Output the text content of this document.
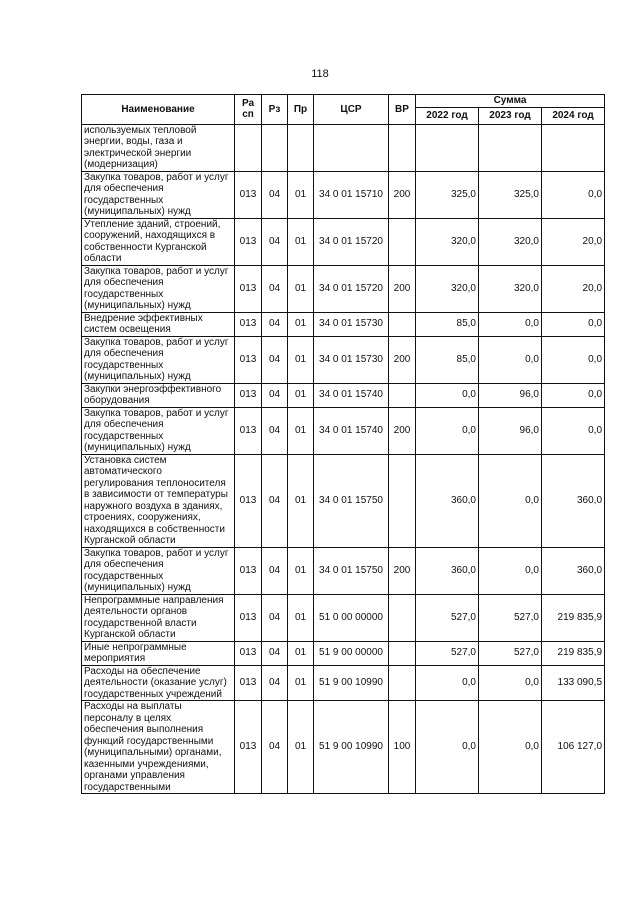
118
Наименование	Ра сп	Рз	Пр	ЦСР	ВР	Сумма		
						2022 год	2023 год	2024 год
используемых тепловой энергии, воды, газа и электрической энергии (модернизация)								
Закупка товаров, работ и услуг для обеспечения государственных (муниципальных) нужд	013	04	01	34 0 01 15710	200	325,0	325,0	0,0
Утепление зданий, строений, сооружений, находящихся в собственности Курганской области	013	04	01	34 0 01 15720		320,0	320,0	20,0
Закупка товаров, работ и услуг для обеспечения государственных (муниципальных) нужд	013	04	01	34 0 01 15720	200	320,0	320,0	20,0
Внедрение эффективных систем освещения	013	04	01	34 0 01 15730		85,0	0,0	0,0
Закупка товаров, работ и услуг для обеспечения государственных (муниципальных) нужд	013	04	01	34 0 01 15730	200	85,0	0,0	0,0
Закупки энергоэффективного оборудования	013	04	01	34 0 01 15740		0,0	96,0	0,0
Закупка товаров, работ и услуг для обеспечения государственных (муниципальных) нужд	013	04	01	34 0 01 15740	200	0,0	96,0	0,0
Установка систем автоматического регулирования теплоносителя в зависимости от температуры наружного воздуха в зданиях, строениях, сооружениях, находящихся в собственности Курганской области	013	04	01	34 0 01 15750		360,0	0,0	360,0
Закупка товаров, работ и услуг для обеспечения государственных (муниципальных) нужд	013	04	01	34 0 01 15750	200	360,0	0,0	360,0
Непрограммные направления деятельности органов государственной власти Курганской области	013	04	01	51 0 00 00000		527,0	527,0	219 835,9
Иные непрограммные мероприятия	013	04	01	51 9 00 00000		527,0	527,0	219 835,9
Расходы на обеспечение деятельности (оказание услуг) государственных учреждений	013	04	01	51 9 00 10990		0,0	0,0	133 090,5
Расходы на выплаты персоналу в целях обеспечения выполнения функций государственными (муниципальными) органами, казенными учреждениями, органами управления государственными	013	04	01	51 9 00 10990	100	0,0	0,0	106 127,0
